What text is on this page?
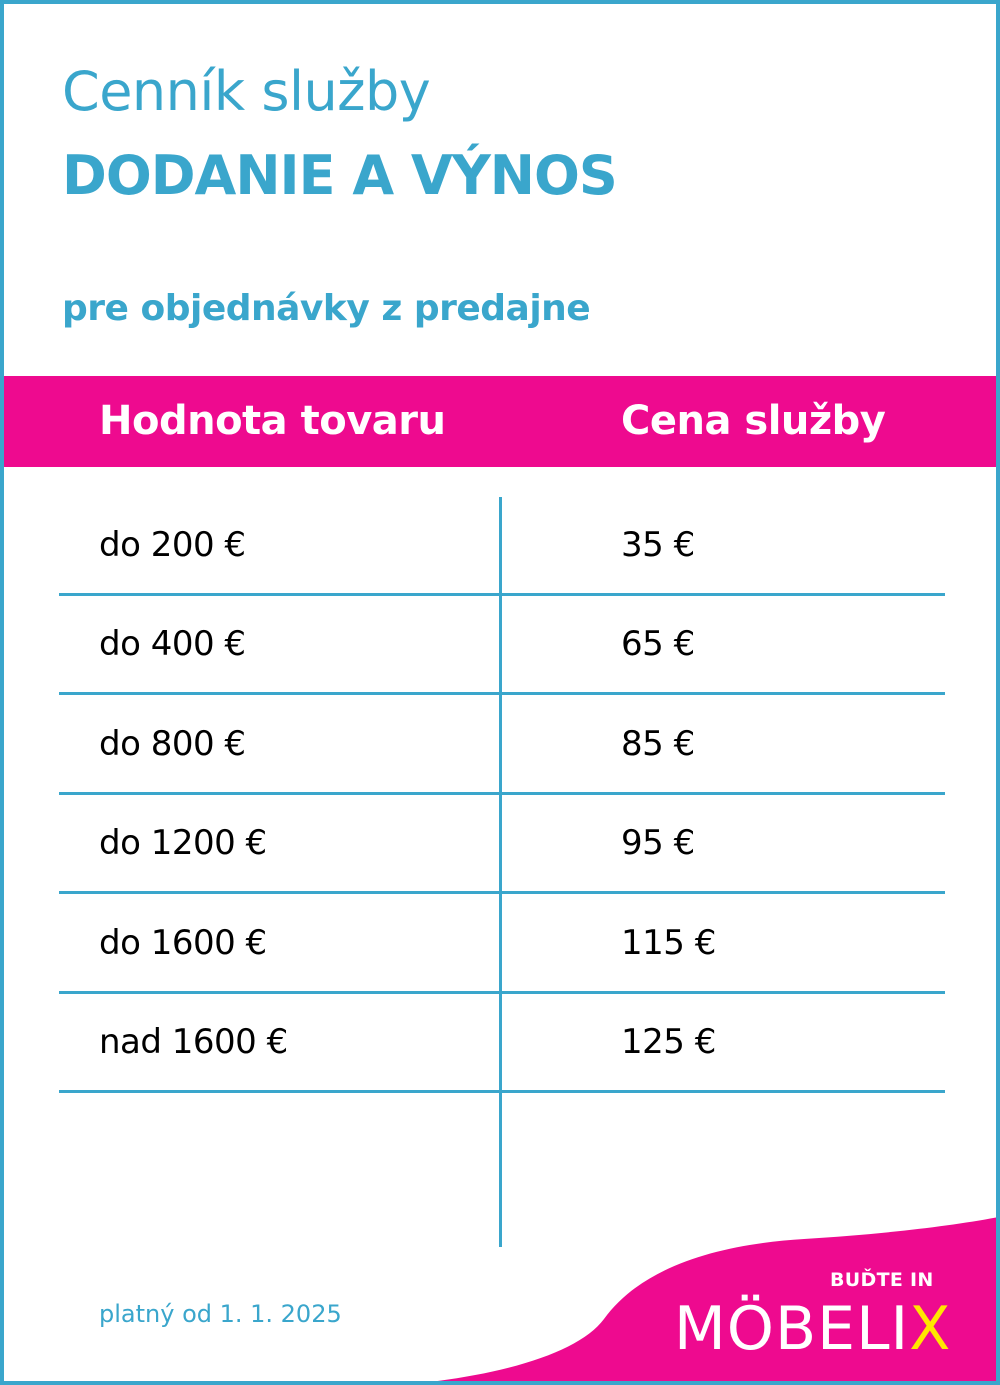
Cenník služby
DODANIE A VÝNOS
pre objednávky z predajne
Hodnota tovaru	Cena služby
do 200 €	35 €
do 400 €	65 €
do 800 €	85 €
do 1200 €	95 €
do 1600 €	115 €
nad 1600 €	125 €
platný od 1. 1. 2025
BUĎTE IN
MÖBELIX
